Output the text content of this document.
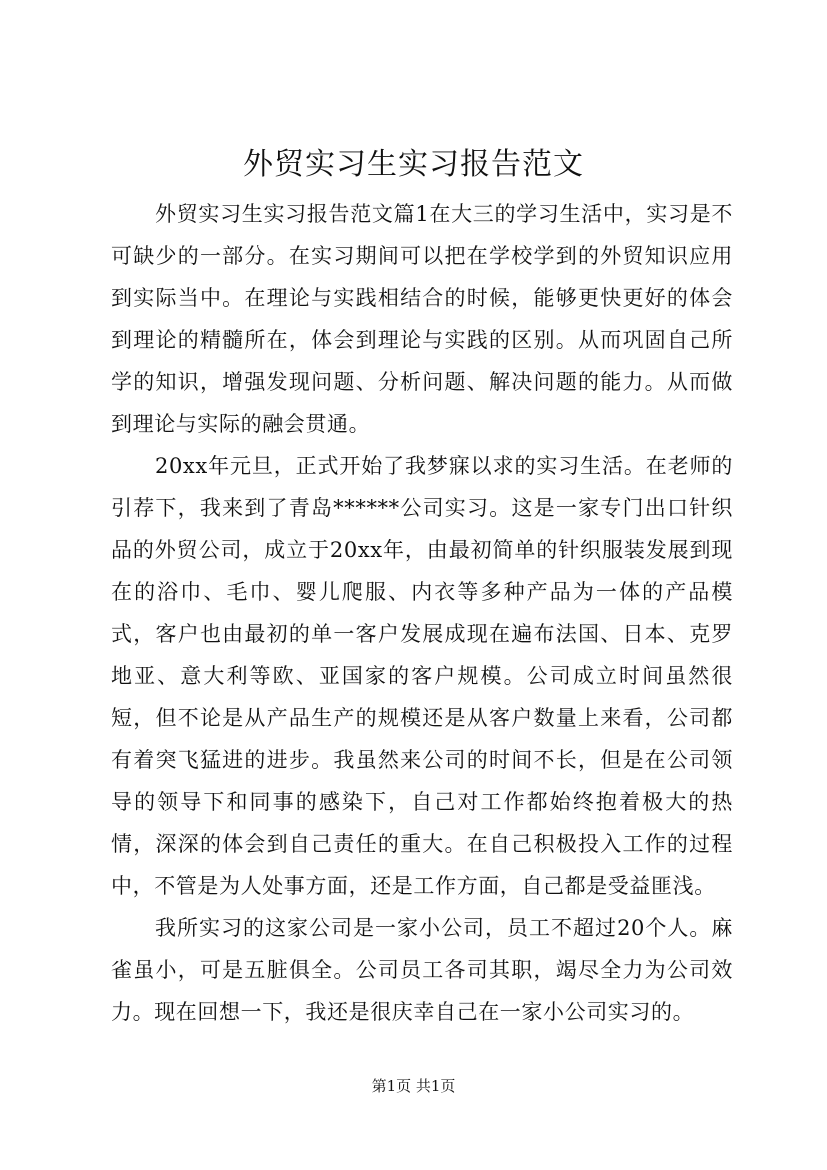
外贸实习生实习报告范文

外贸实习生实习报告范文篇1在大三的学习生活中，实习是不可缺少的一部分。在实习期间可以把在学校学到的外贸知识应用到实际当中。在理论与实践相结合的时候，能够更快更好的体会到理论的精髓所在，体会到理论与实践的区别。从而巩固自己所学的知识，增强发现问题、分析问题、解决问题的能力。从而做到理论与实际的融会贯通。

20xx年元旦，正式开始了我梦寐以求的实习生活。在老师的引荐下，我来到了青岛******公司实习。这是一家专门出口针织品的外贸公司，成立于20xx年，由最初简单的针织服装发展到现在的浴巾、毛巾、婴儿爬服、内衣等多种产品为一体的产品模式，客户也由最初的单一客户发展成现在遍布法国、日本、克罗地亚、意大利等欧、亚国家的客户规模。公司成立时间虽然很短，但不论是从产品生产的规模还是从客户数量上来看，公司都有着突飞猛进的进步。我虽然来公司的时间不长，但是在公司领导的领导下和同事的感染下，自己对工作都始终抱着极大的热情，深深的体会到自己责任的重大。在自己积极投入工作的过程中，不管是为人处事方面，还是工作方面，自己都是受益匪浅。

我所实习的这家公司是一家小公司，员工不超过20个人。麻雀虽小，可是五脏俱全。公司员工各司其职，竭尽全力为公司效力。现在回想一下，我还是很庆幸自己在一家小公司实习的。

第1页 共1页
